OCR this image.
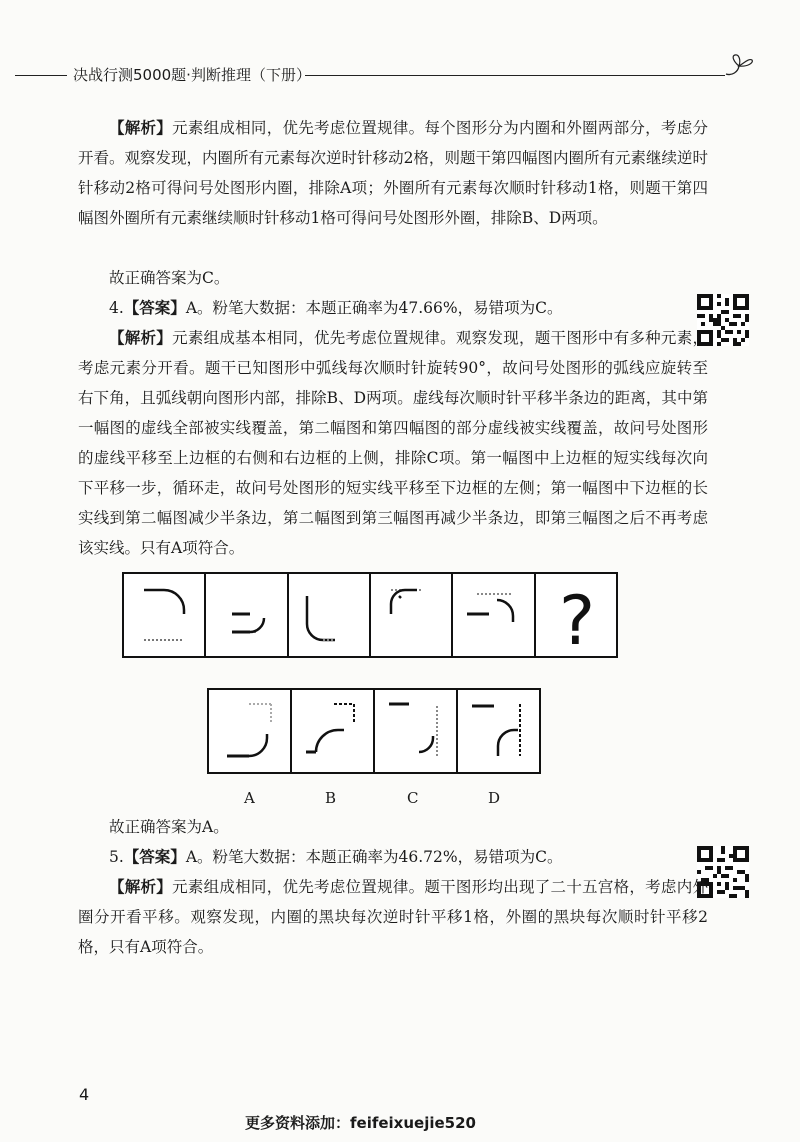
决战行测5000题·判断推理（下册）
【解析】元素组成相同，优先考虑位置规律。每个图形分为内圈和外圈两部分，考虑分开看。观察发现，内圈所有元素每次逆时针移动2格，则题干第四幅图内圈所有元素继续逆时针移动2格可得问号处图形内圈，排除A项；外圈所有元素每次顺时针移动1格，则题干第四幅图外圈所有元素继续顺时针移动1格可得问号处图形外圈，排除B、D两项。
故正确答案为C。
4.【答案】A。粉笔大数据：本题正确率为47.66%，易错项为C。
【解析】元素组成基本相同，优先考虑位置规律。观察发现，题干图形中有多种元素，考虑元素分开看。题干已知图形中弧线每次顺时针旋转90°，故问号处图形的弧线应旋转至右下角，且弧线朝向图形内部，排除B、D两项。虚线每次顺时针平移半条边的距离，其中第一幅图的虚线全部被实线覆盖，第二幅图和第四幅图的部分虚线被实线覆盖，故问号处图形的虚线平移至上边框的右侧和右边框的上侧，排除C项。第一幅图中上边框的短实线每次向下平移一步，循环走，故问号处图形的短实线平移至下边框的左侧；第一幅图中下边框的长实线到第二幅图减少半条边，第二幅图到第三幅图再减少半条边，即第三幅图之后不再考虑该实线。只有A项符合。
?
A	B	C	D
故正确答案为A。
5.【答案】A。粉笔大数据：本题正确率为46.72%，易错项为C。
【解析】元素组成相同，优先考虑位置规律。题干图形均出现了二十五宫格，考虑内外圈分开看平移。观察发现，内圈的黑块每次逆时针平移1格，外圈的黑块每次顺时针平移2格，只有A项符合。
4
更多资料添加：feifeixuejie520
